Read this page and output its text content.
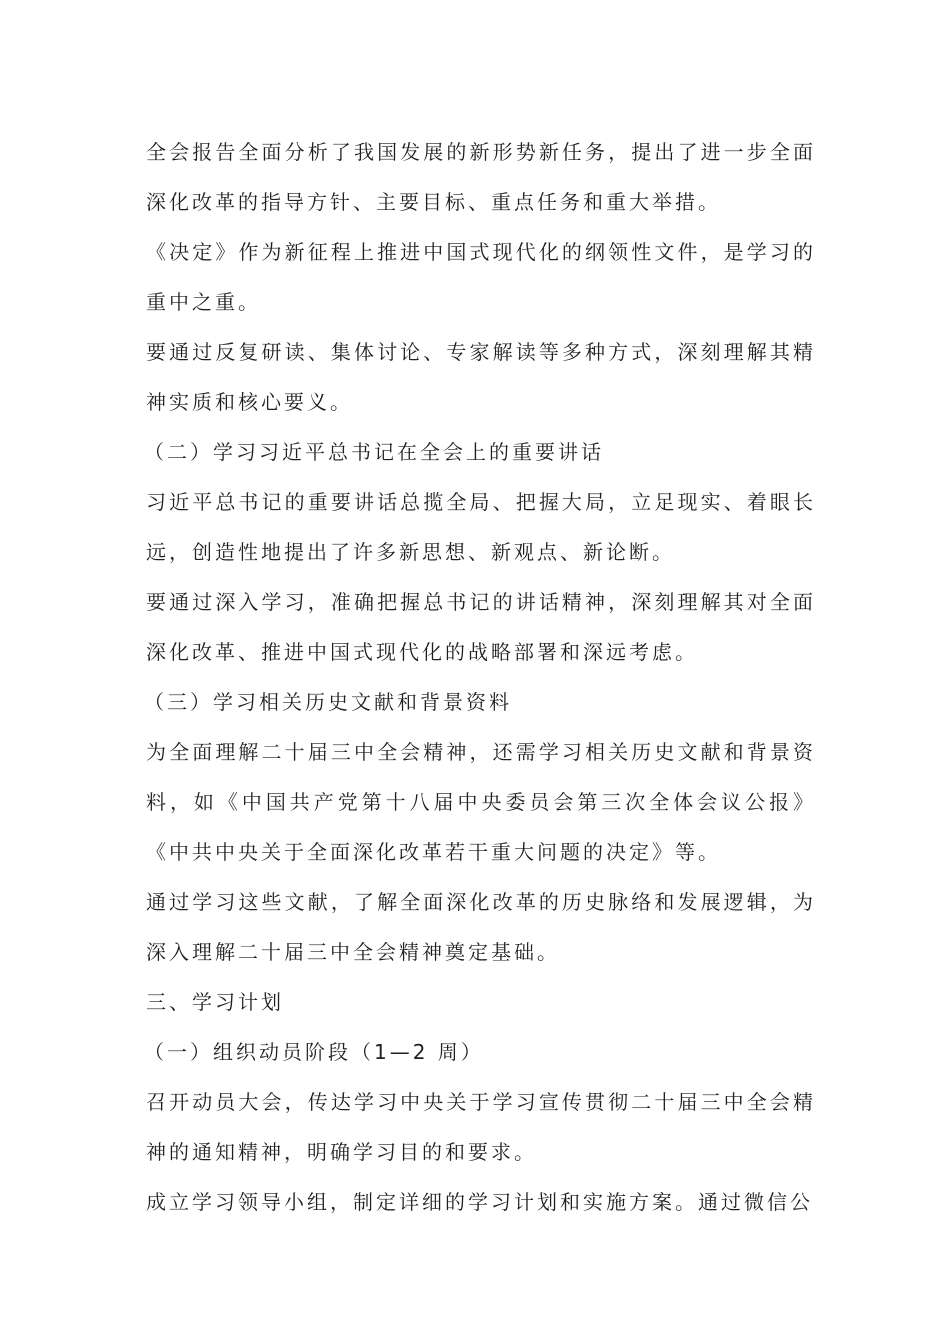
全会报告全面分析了我国发展的新形势新任务，提出了进一步全面深化改革的指导方针、主要目标、重点任务和重大举措。

《决定》作为新征程上推进中国式现代化的纲领性文件，是学习的重中之重。

要通过反复研读、集体讨论、专家解读等多种方式，深刻理解其精神实质和核心要义。

（二）学习习近平总书记在全会上的重要讲话

习近平总书记的重要讲话总揽全局、把握大局，立足现实、着眼长远，创造性地提出了许多新思想、新观点、新论断。

要通过深入学习，准确把握总书记的讲话精神，深刻理解其对全面深化改革、推进中国式现代化的战略部署和深远考虑。

（三）学习相关历史文献和背景资料

为全面理解二十届三中全会精神，还需学习相关历史文献和背景资料，如《中国共产党第十八届中央委员会第三次全体会议公报》《中共中央关于全面深化改革若干重大问题的决定》等。

通过学习这些文献，了解全面深化改革的历史脉络和发展逻辑，为深入理解二十届三中全会精神奠定基础。

三、学习计划

（一）组织动员阶段（1—2 周）

召开动员大会，传达学习中央关于学习宣传贯彻二十届三中全会精神的通知精神，明确学习目的和要求。

成立学习领导小组，制定详细的学习计划和实施方案。通过微信公
